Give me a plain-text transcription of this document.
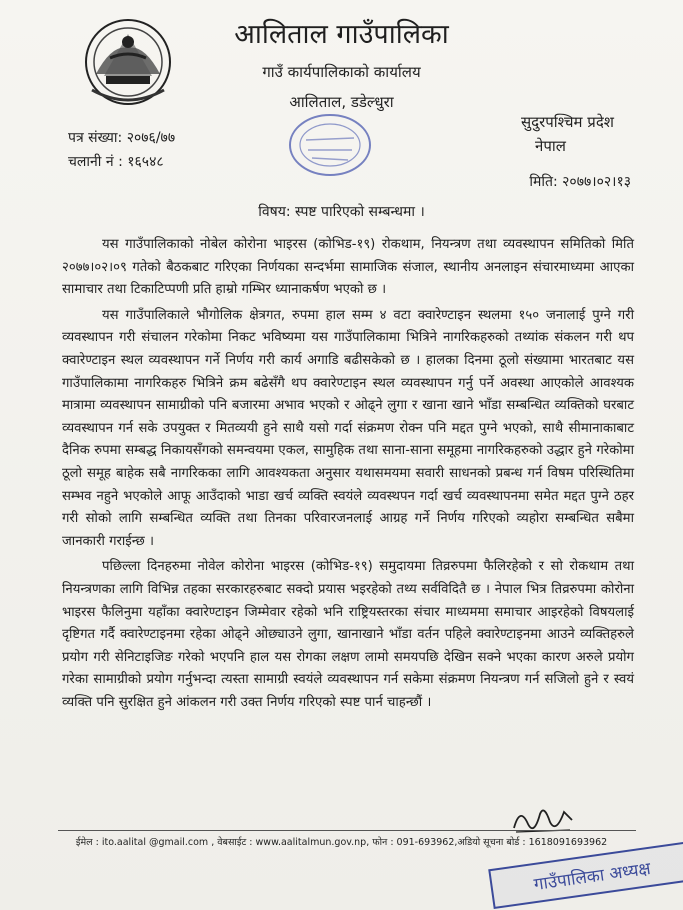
आलिताल गाउँपालिका
गाउँ कार्यपालिकाको कार्यालय
आलिताल, डडेल्धुरा
सुदुरपश्चिम प्रदेश
नेपाल
पत्र संख्या: २०७६/७७
चलानी नं : १६५४८
मिति: २०७७।०२।१३
विषय: स्पष्ट पारिएको सम्बन्धमा ।

यस गाउँपालिकाको नोबेल कोरोना भाइरस (कोभिड-१९) रोकथाम, नियन्त्रण तथा व्यवस्थापन समितिको मिति २०७७।०२।०९ गतेको बैठकबाट गरिएका निर्णयका सन्दर्भमा सामाजिक संजाल, स्थानीय अनलाइन संचारमाध्यमा आएका सामाचार तथा टिकाटिप्पणी प्रति हाम्रो गम्भिर ध्यानाकर्षण भएको छ ।

यस गाउँपालिकाले भौगोलिक क्षेत्रगत, रुपमा हाल सम्म ४ वटा क्वारेण्टाइन स्थलमा १५० जनालाई पुग्ने गरी व्यवस्थापन गरी संचालन गरेकोमा निकट भविष्यमा यस गाउँपालिकामा भित्रिने नागरिकहरुको तथ्यांक संकलन गरी थप क्वारेण्टाइन स्थल व्यवस्थापन गर्ने निर्णय गरी कार्य अगाडि बढीसकेको छ । हालका दिनमा ठूलो संख्यामा भारतबाट यस गाउँपालिकामा नागरिकहरु भित्रिने क्रम बढेसँगै थप क्वारेण्टाइन स्थल व्यवस्थापन गर्नु पर्ने अवस्था आएकोले आवश्यक मात्रामा व्यवस्थापन सामाग्रीको पनि बजारमा अभाव भएको र ओढ्ने लुगा र खाना खाने भाँडा सम्बन्धित व्यक्तिको घरबाट व्यवस्थापन गर्न सके उपयुक्त र मितव्ययी हुने साथै यसो गर्दा संक्रमण रोक्न पनि मद्दत पुग्ने भएको, साथै सीमानाकाबाट दैनिक रुपमा सम्बद्ध निकायसँगको समन्वयमा एकल, सामुहिक तथा साना-साना समूहमा नागरिकहरुको उद्धार हुने गरेकोमा ठूलो समूह बाहेक सबै नागरिकका लागि आवश्यकता अनुसार यथासमयमा सवारी साधनको प्रबन्ध गर्न विषम परिस्थितिमा सम्भव नहुने भएकोले आफू आउँदाको भाडा खर्च व्यक्ति स्वयंले व्यवस्थपन गर्दा खर्च व्यवस्थापनमा समेत मद्दत पुग्ने ठहर गरी सोको लागि सम्बन्धित व्यक्ति तथा तिनका परिवारजनलाई आग्रह गर्ने निर्णय गरिएको व्यहोरा सम्बन्धित सबैमा जानकारी गराईन्छ ।

पछिल्ला दिनहरुमा नोवेल कोरोना भाइरस (कोभिड-१९) समुदायमा तिव्ररुपमा फैलिरहेको र सो रोकथाम तथा नियन्त्रणका लागि विभिन्न तहका सरकारहरुबाट सक्दो प्रयास भइरहेको तथ्य सर्वविदितै छ । नेपाल भित्र तिव्ररुपमा कोरोना भाइरस फैलिनुमा यहाँका क्वारेण्टाइन जिम्मेवार रहेको भनि राष्ट्रियस्तरका संचार माध्यममा समाचार आइरहेको विषयलाई दृष्टिगत गर्दै क्वारेण्टाइनमा रहेका ओढ्ने ओछ्याउने लुगा, खानाखाने भाँडा वर्तन पहिले क्वारेण्टाइनमा आउने व्यक्तिहरुले प्रयोग गरी सेनिटाइजिङ गरेको भएपनि हाल यस रोगका लक्षण लामो समयपछि देखिन सक्ने भएका कारण अरुले प्रयोग गरेका सामाग्रीको प्रयोग गर्नुभन्दा त्यस्ता सामाग्री स्वयंले व्यवस्थापन गर्न सकेमा संक्रमण नियन्त्रण गर्न सजिलो हुने र स्वयं व्यक्ति पनि सुरक्षित हुने आंकलन गरी उक्त निर्णय गरिएको स्पष्ट पार्न चाहन्छौं ।

ईमेल : ito.aalital @gmail.com , वेबसाईट : www.aalitalmun.gov.np, फोन : 091-693962,अडियो सूचना बोर्ड : 1618091693962
गाउँपालिका अध्यक्ष
